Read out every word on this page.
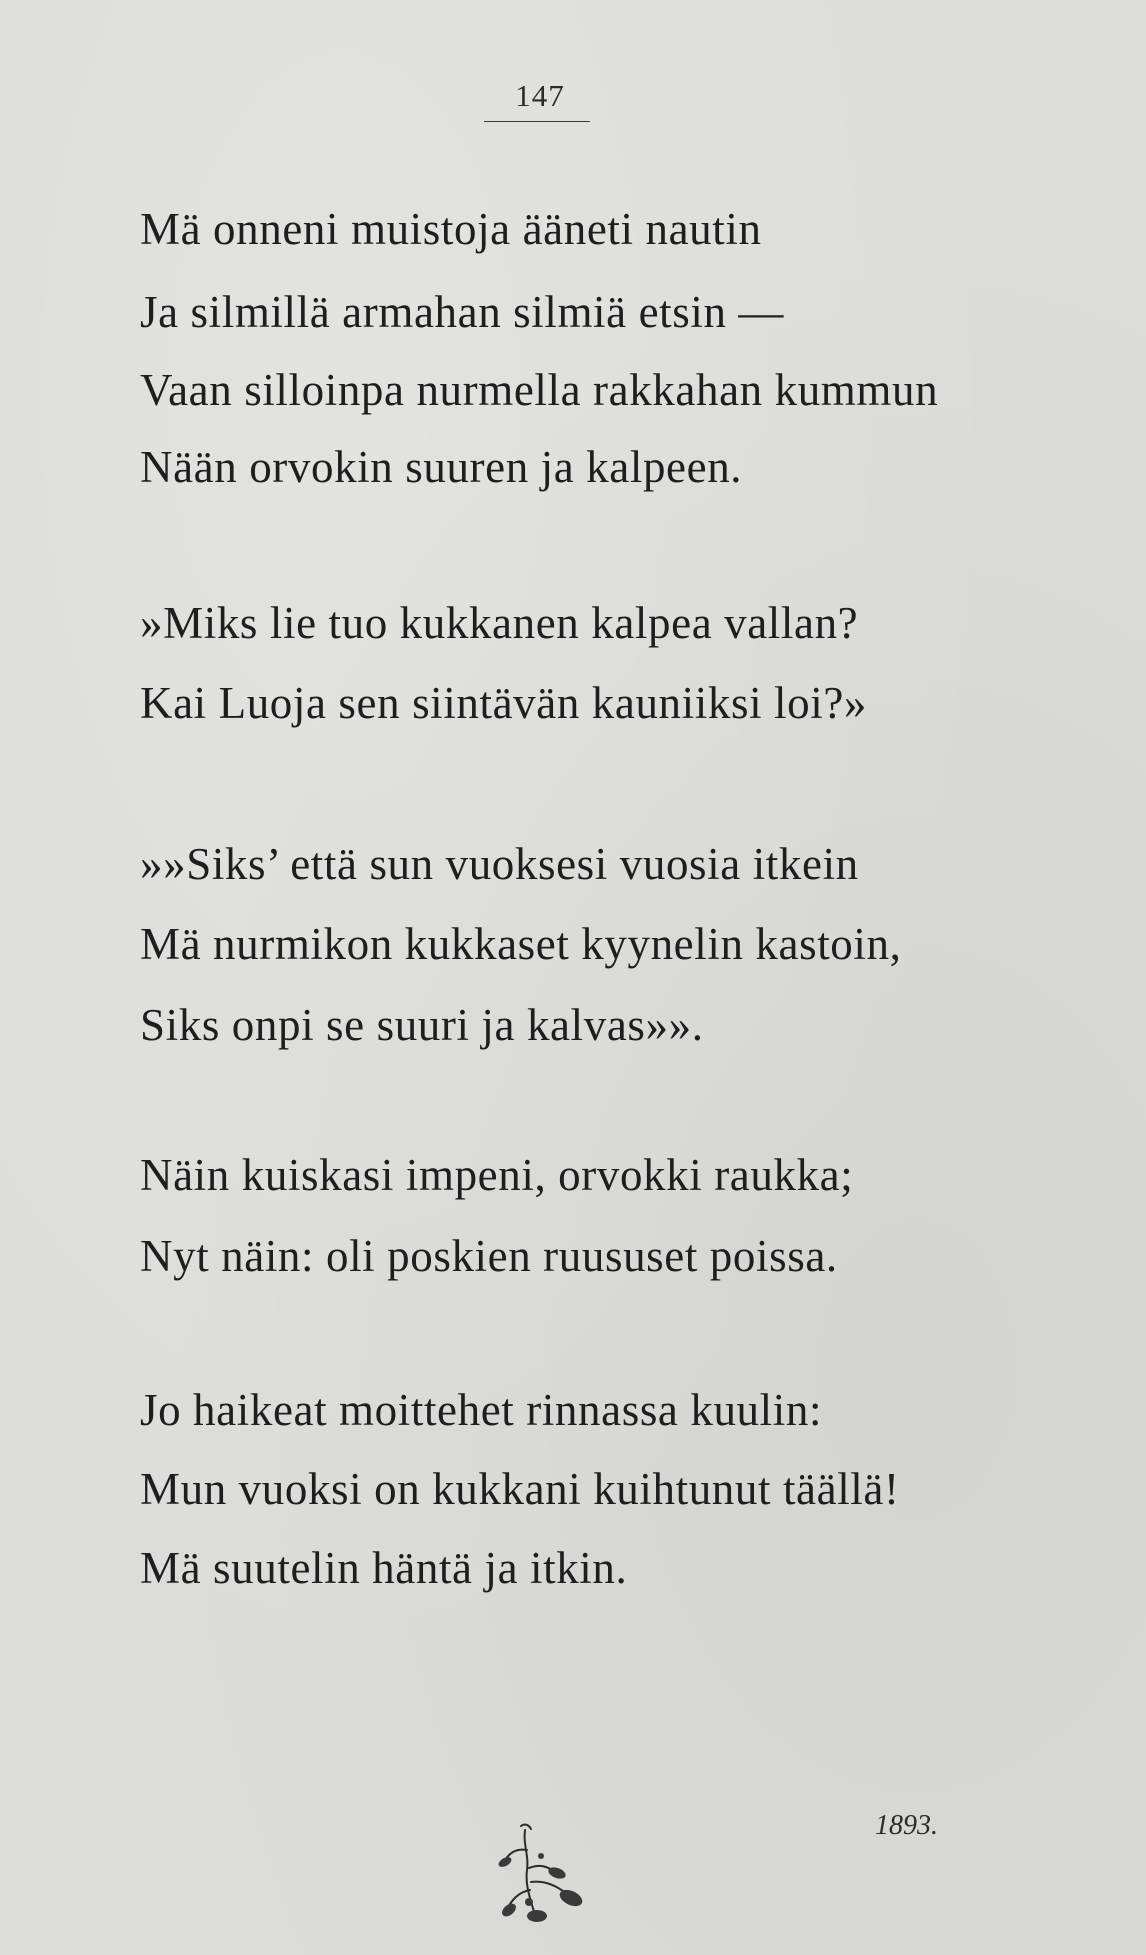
147
Mä onneni muistoja ääneti nautin
Ja silmillä armahan silmiä etsin —
Vaan silloinpa nurmella rakkahan kummun
Nään orvokin suuren ja kalpeen.
»Miks lie tuo kukkanen kalpea vallan?
Kai Luoja sen siintävän kauniiksi loi?»
»»Siks’ että sun vuoksesi vuosia itkein
Mä nurmikon kukkaset kyynelin kastoin,
Siks onpi se suuri ja kalvas»».
Näin kuiskasi impeni, orvokki raukka;
Nyt näin: oli poskien ruususet poissa.
Jo haikeat moittehet rinnassa kuulin:
Mun vuoksi on kukkani kuihtunut täällä!
Mä suutelin häntä ja itkin.
1893.
